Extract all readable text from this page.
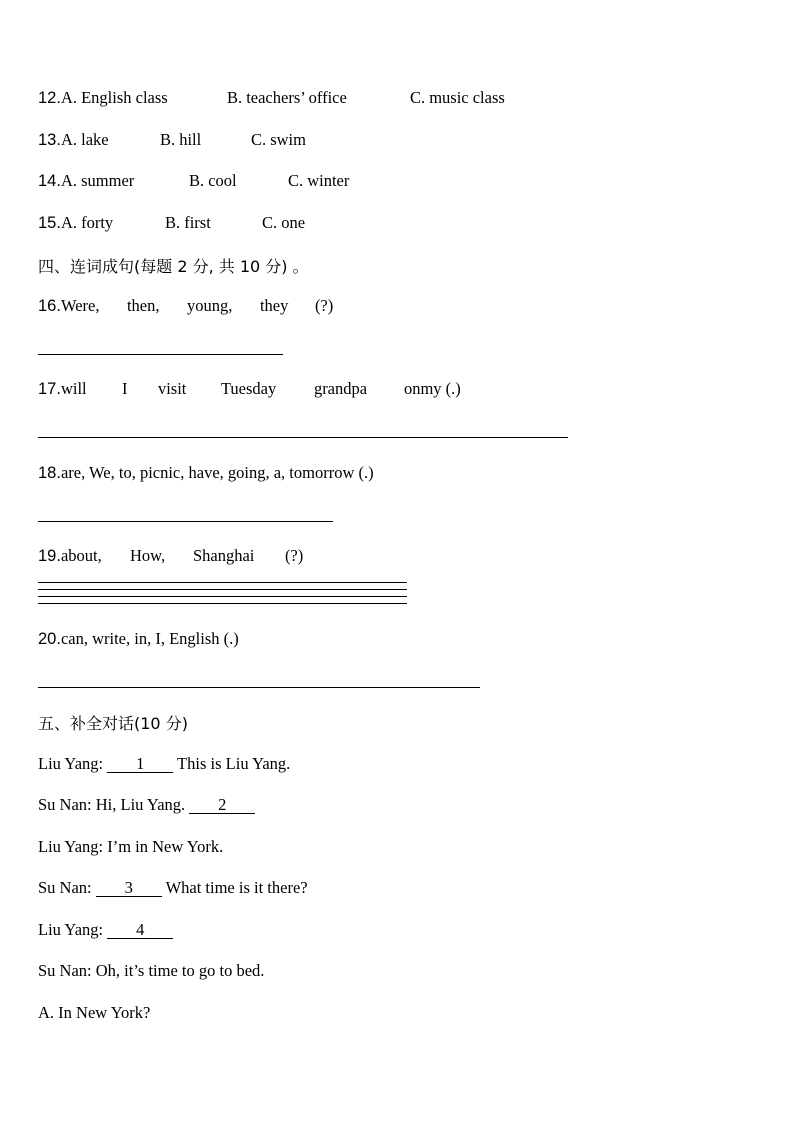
12.A. English class	B. teachers’ office	C. music class
13.A. lake	B. hill	C. swim
14.A. summer	B. cool	C. winter
15.A. forty	B. first	C. one
四、连词成句(每题 2 分, 共 10 分) 。
16.Were, then, young, they (?)
17.will I visit Tuesday grandpa onmy (.)
18.are, We, to, picnic, have, going, a, tomorrow (.)
19.about, How, Shanghai (?)
20.can, write, in, I, English (.)
五、补全对话(10 分)
Liu Yang: 1 This is Liu Yang.
Su Nan: Hi, Liu Yang. 2
Liu Yang: I’m in New York.
Su Nan: 3 What time is it there?
Liu Yang: 4
Su Nan: Oh, it’s time to go to bed.
A. In New York?
